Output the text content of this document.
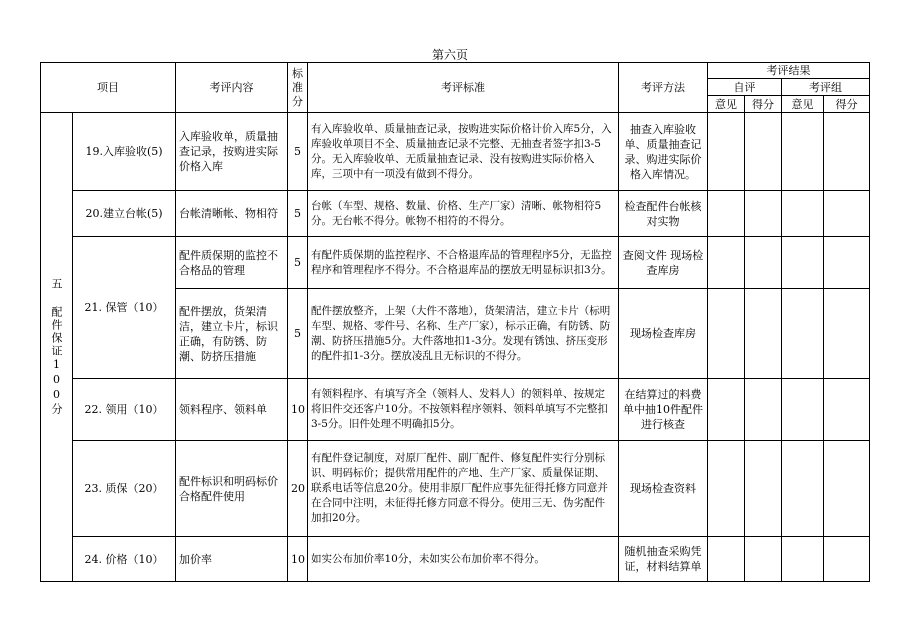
第六页
项目		考评内容	标准分	考评标准	考评方法	考评结果			
						自评		考评组	
						意见	得分	意见	得分
五 配件保证100分	19.入库验收(5)	入库验收单，质量抽查记录，按购进实际价格入库	5	有入库验收单、质量抽查记录，按购进实际价格计价入库5分，入库验收单项目不全、质量抽查记录不完整、无抽查者签字扣3-5分。无入库验收单、无质量抽查记录、没有按购进实际价格入库，三项中有一项没有做到不得分。	抽查入库验收单、质量抽查记录、购进实际价格入库情况。				
	20.建立台帐(5)	台帐清晰帐、物相符	5	台帐（车型、规格、数量、价格、生产厂家）清晰、帐物相符5分。无台帐不得分。帐物不相符的不得分。	检查配件台帐核对实物				
	21. 保管（10）	配件质保期的监控不合格品的管理	5	有配件质保期的监控程序、不合格退库品的管理程序5分，无监控程序和管理程序不得分。不合格退库品的摆放无明显标识扣3分。	查阅文件 现场检查库房				
		配件摆放，货架清洁，建立卡片，标识正确，有防锈、防潮、防挤压措施	5	配件摆放整齐，上架（大件不落地），货架清洁，建立卡片（标明车型、规格、零件号、名称、生产厂家），标示正确，有防锈、防潮、防挤压措施5分。大件落地扣1-3分。发现有锈蚀、挤压变形的配件扣1-3分。摆放凌乱且无标识的不得分。	现场检查库房				
	22. 领用（10）	领料程序、领料单	10	有领料程序、有填写齐全（领料人、发料人）的领料单、按规定将旧件交还客户10分。不按领料程序领料、领料单填写不完整扣3-5分。旧件处理不明确扣5分。	在结算过的料费单中抽10件配件进行核查				
	23. 质保（20）	配件标识和明码标价合格配件使用	20	有配件登记制度，对原厂配件、副厂配件、修复配件实行分别标识、明码标价；提供常用配件的产地、生产厂家、质量保证期、联系电话等信息20分。使用非原厂配件应事先征得托修方同意并在合同中注明，未征得托修方同意不得分。使用三无、伪劣配件加扣20分。	现场检查资料				
	24. 价格（10）	加价率	10	如实公布加价率10分，未如实公布加价率不得分。	随机抽查采购凭证，材料结算单				
